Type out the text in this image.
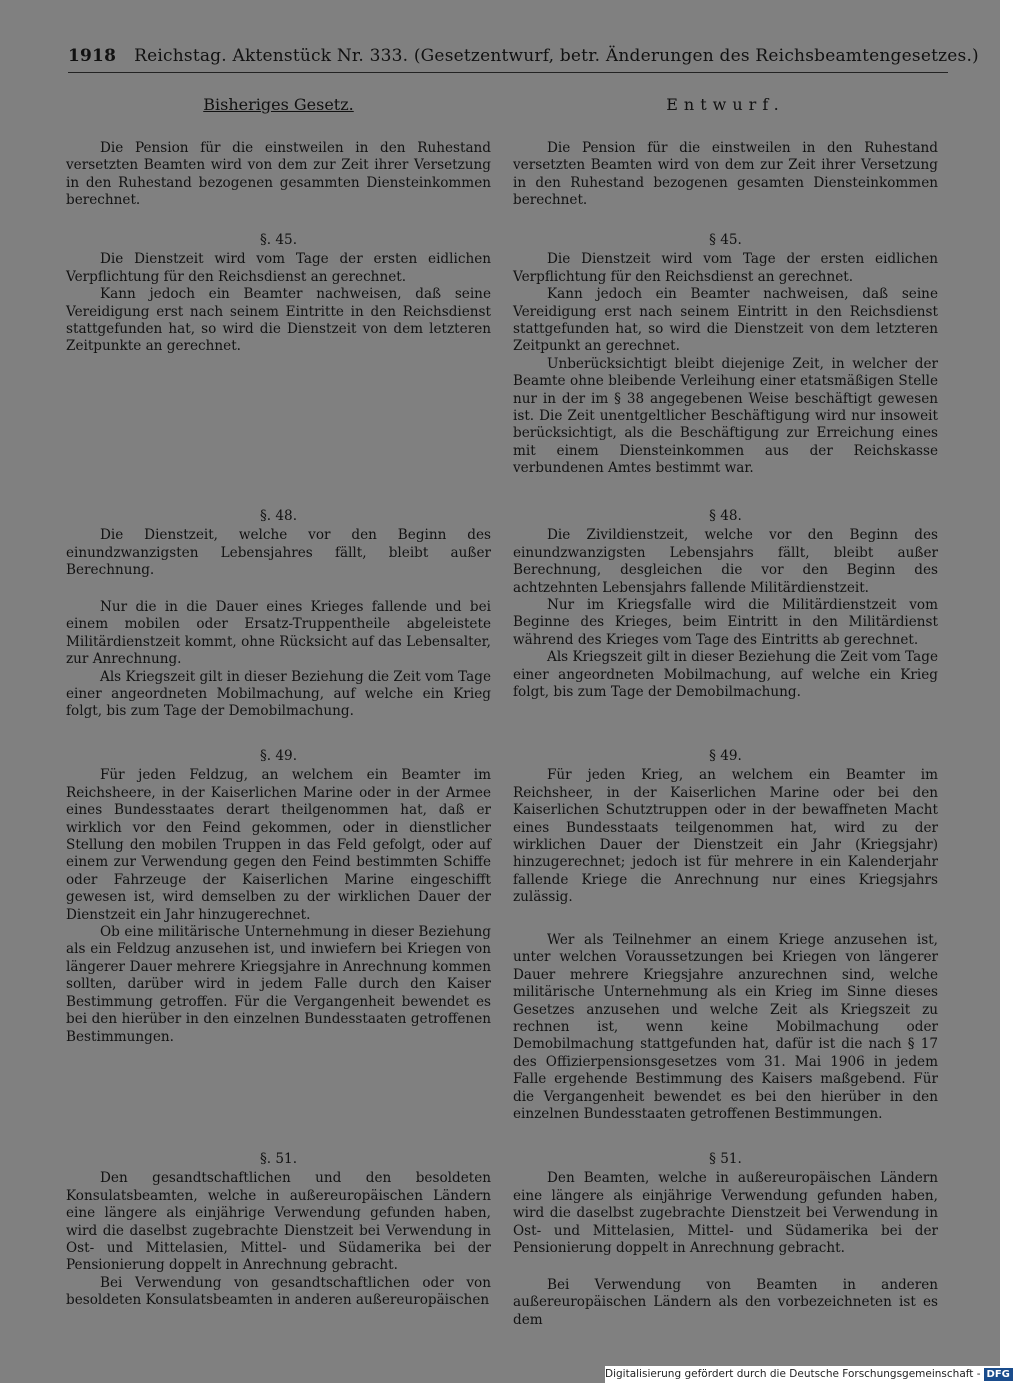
1918 Reichstag. Aktenstück Nr. 333. (Gesetzentwurf, betr. Änderungen des Reichsbeamtengesetzes.)
Bisheriges Gesetz.

Die Pension für die einstweilen in den Ruhestand versetzten Beamten wird von dem zur Zeit ihrer Versetzung in den Ruhestand bezogenen gesammten Diensteinkommen berechnet.

§. 45.

Die Dienstzeit wird vom Tage der ersten eidlichen Verpflichtung für den Reichsdienst an gerechnet.

Kann jedoch ein Beamter nachweisen, daß seine Vereidigung erst nach seinem Eintritte in den Reichsdienst stattgefunden hat, so wird die Dienstzeit von dem letzteren Zeitpunkte an gerechnet.

§. 48.

Die Dienstzeit, welche vor den Beginn des einundzwanzigsten Lebensjahres fällt, bleibt außer Berechnung.

Nur die in die Dauer eines Krieges fallende und bei einem mobilen oder Ersatz-Truppentheile abgeleistete Militärdienstzeit kommt, ohne Rücksicht auf das Lebensalter, zur Anrechnung.

Als Kriegszeit gilt in dieser Beziehung die Zeit vom Tage einer angeordneten Mobilmachung, auf welche ein Krieg folgt, bis zum Tage der Demobilmachung.

§. 49.

Für jeden Feldzug, an welchem ein Beamter im Reichsheere, in der Kaiserlichen Marine oder in der Armee eines Bundesstaates derart theilgenommen hat, daß er wirklich vor den Feind gekommen, oder in dienstlicher Stellung den mobilen Truppen in das Feld gefolgt, oder auf einem zur Verwendung gegen den Feind bestimmten Schiffe oder Fahrzeuge der Kaiserlichen Marine eingeschifft gewesen ist, wird demselben zu der wirklichen Dauer der Dienstzeit ein Jahr hinzugerechnet.

Ob eine militärische Unternehmung in dieser Beziehung als ein Feldzug anzusehen ist, und inwiefern bei Kriegen von längerer Dauer mehrere Kriegsjahre in Anrechnung kommen sollten, darüber wird in jedem Falle durch den Kaiser Bestimmung getroffen. Für die Vergangenheit bewendet es bei den hierüber in den einzelnen Bundesstaaten getroffenen Bestimmungen.

§. 51.

Den gesandtschaftlichen und den besoldeten Konsulatsbeamten, welche in außereuropäischen Ländern eine längere als einjährige Verwendung gefunden haben, wird die daselbst zugebrachte Dienstzeit bei Verwendung in Ost- und Mittelasien, Mittel- und Südamerika bei der Pensionierung doppelt in Anrechnung gebracht.

Bei Verwendung von gesandtschaftlichen oder von besoldeten Konsulatsbeamten in anderen außereuropäischen

Entwurf.

Die Pension für die einstweilen in den Ruhestand versetzten Beamten wird von dem zur Zeit ihrer Versetzung in den Ruhestand bezogenen gesamten Diensteinkommen berechnet.

§ 45.

Die Dienstzeit wird vom Tage der ersten eidlichen Verpflichtung für den Reichsdienst an gerechnet.

Kann jedoch ein Beamter nachweisen, daß seine Vereidigung erst nach seinem Eintritt in den Reichsdienst stattgefunden hat, so wird die Dienstzeit von dem letzteren Zeitpunkt an gerechnet.

Unberücksichtigt bleibt diejenige Zeit, in welcher der Beamte ohne bleibende Verleihung einer etatsmäßigen Stelle nur in der im § 38 angegebenen Weise beschäftigt gewesen ist. Die Zeit unentgeltlicher Beschäftigung wird nur insoweit berücksichtigt, als die Beschäftigung zur Erreichung eines mit einem Diensteinkommen aus der Reichskasse verbundenen Amtes bestimmt war.

§ 48.

Die Zivildienstzeit, welche vor den Beginn des einundzwanzigsten Lebensjahrs fällt, bleibt außer Berechnung, desgleichen die vor den Beginn des achtzehnten Lebensjahrs fallende Militärdienstzeit.

Nur im Kriegsfalle wird die Militärdienstzeit vom Beginne des Krieges, beim Eintritt in den Militärdienst während des Krieges vom Tage des Eintritts ab gerechnet.

Als Kriegszeit gilt in dieser Beziehung die Zeit vom Tage einer angeordneten Mobilmachung, auf welche ein Krieg folgt, bis zum Tage der Demobilmachung.

§ 49.

Für jeden Krieg, an welchem ein Beamter im Reichsheer, in der Kaiserlichen Marine oder bei den Kaiserlichen Schutztruppen oder in der bewaffneten Macht eines Bundesstaats teilgenommen hat, wird zu der wirklichen Dauer der Dienstzeit ein Jahr (Kriegsjahr) hinzugerechnet; jedoch ist für mehrere in ein Kalenderjahr fallende Kriege die Anrechnung nur eines Kriegsjahrs zulässig.

Wer als Teilnehmer an einem Kriege anzusehen ist, unter welchen Voraussetzungen bei Kriegen von längerer Dauer mehrere Kriegsjahre anzurechnen sind, welche militärische Unternehmung als ein Krieg im Sinne dieses Gesetzes anzusehen und welche Zeit als Kriegszeit zu rechnen ist, wenn keine Mobilmachung oder Demobilmachung stattgefunden hat, dafür ist die nach § 17 des Offizierpensionsgesetzes vom 31. Mai 1906 in jedem Falle ergehende Bestimmung des Kaisers maßgebend. Für die Vergangenheit bewendet es bei den hierüber in den einzelnen Bundesstaaten getroffenen Bestimmungen.

§ 51.

Den Beamten, welche in außereuropäischen Ländern eine längere als einjährige Verwendung gefunden haben, wird die daselbst zugebrachte Dienstzeit bei Verwendung in Ost- und Mittelasien, Mittel- und Südamerika bei der Pensionierung doppelt in Anrechnung gebracht.

Bei Verwendung von Beamten in anderen außereuropäischen Ländern als den vorbezeichneten ist es dem

Digitalisierung gefördert durch die Deutsche Forschungsgemeinschaft - DFG
